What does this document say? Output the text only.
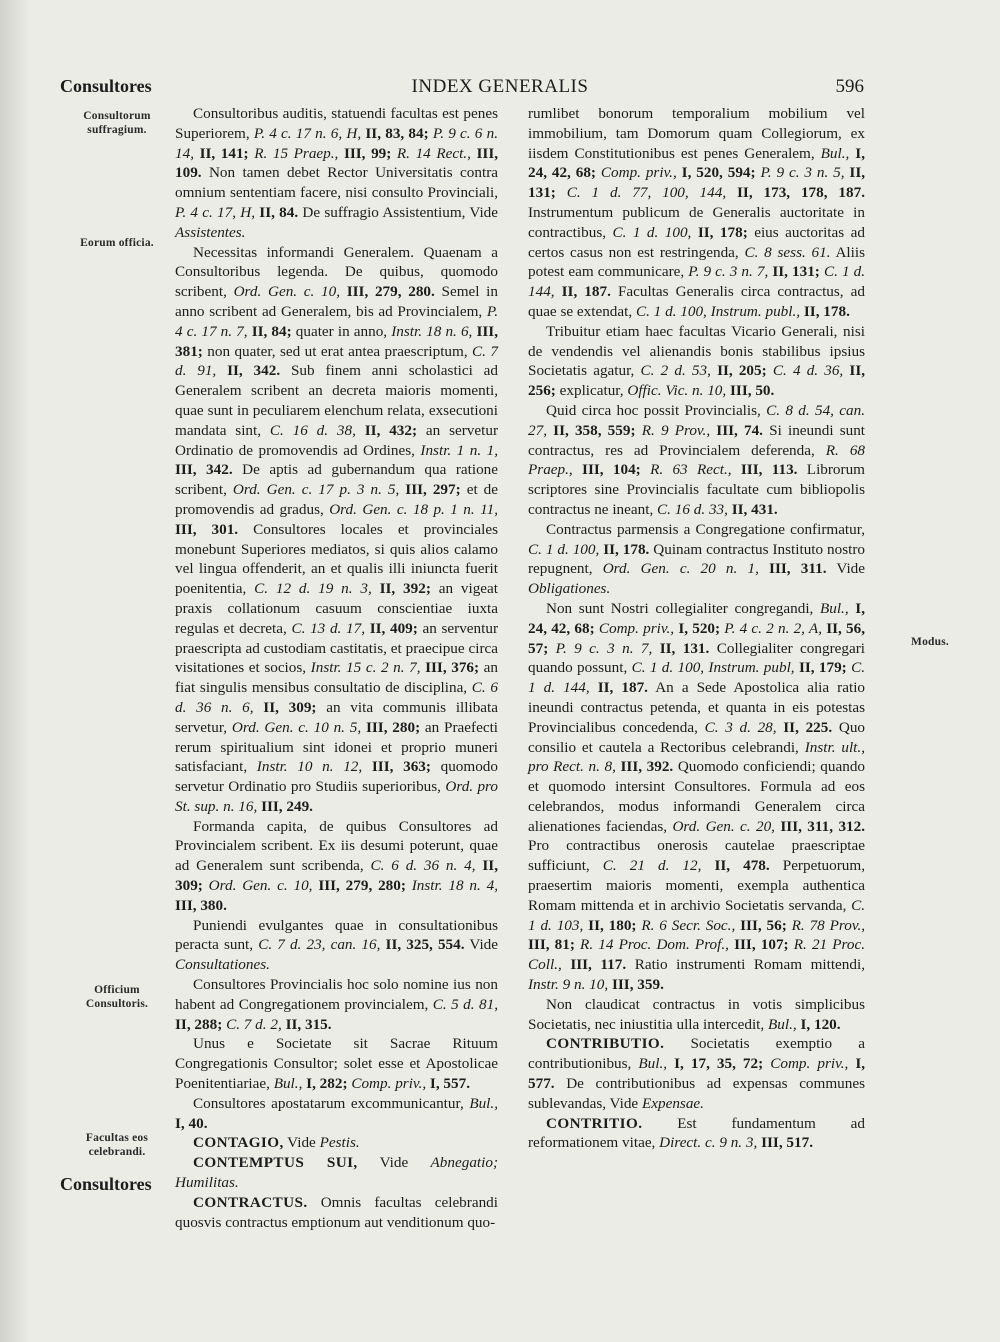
Consultores	INDEX GENERALIS	596
Consultorum suffragium.
Eorum officia.
Officium Consultoris.
Facultas eos celebrandi.
Modus.

Consultoribus auditis, statuendi facultas est penes Superiorem, P. 4 c. 17 n. 6, H, II, 83, 84; P. 9 c. 6 n. 14, II, 141; R. 15 Praep., III, 99; R. 14 Rect., III, 109. Non tamen debet Rector Universitatis contra omnium sententiam facere, nisi consulto Provinciali, P. 4 c. 17, H, II, 84. De suffragio Assistentium, Vide Assistentes.

Necessitas informandi Generalem. Quaenam a Consultoribus legenda. De quibus, quomodo scribent, Ord. Gen. c. 10, III, 279, 280. Semel in anno scribent ad Generalem, bis ad Provincialem, P. 4 c. 17 n. 7, II, 84; quater in anno, Instr. 18 n. 6, III, 381; non quater, sed ut erat antea praescriptum, C. 7 d. 91, II, 342. Sub finem anni scholastici ad Generalem scribent an decreta maioris momenti, quae sunt in peculiarem elenchum relata, exsecutioni mandata sint, C. 16 d. 38, II, 432; an servetur Ordinatio de promovendis ad Ordines, Instr. 1 n. 1, III, 342. De aptis ad gubernandum qua ratione scribent, Ord. Gen. c. 17 p. 3 n. 5, III, 297; et de promovendis ad gradus, Ord. Gen. c. 18 p. 1 n. 11, III, 301. Consultores locales et provinciales monebunt Superiores mediatos, si quis alios calamo vel lingua offenderit, an et qualis illi iniuncta fuerit poenitentia, C. 12 d. 19 n. 3, II, 392; an vigeat praxis collationum casuum conscientiae iuxta regulas et decreta, C. 13 d. 17, II, 409; an serventur praescripta ad custodiam castitatis, et praecipue circa visitationes et socios, Instr. 15 c. 2 n. 7, III, 376; an fiat singulis mensibus consultatio de disciplina, C. 6 d. 36 n. 6, II, 309; an vita communis illibata servetur, Ord. Gen. c. 10 n. 5, III, 280; an Praefecti rerum spiritualium sint idonei et proprio muneri satisfaciant, Instr. 10 n. 12, III, 363; quomodo servetur Ordinatio pro Studiis superioribus, Ord. pro St. sup. n. 16, III, 249.

Formanda capita, de quibus Consultores ad Provincialem scribent. Ex iis desumi poterunt, quae ad Generalem sunt scribenda, C. 6 d. 36 n. 4, II, 309; Ord. Gen. c. 10, III, 279, 280; Instr. 18 n. 4, III, 380.

Puniendi evulgantes quae in consultationibus peracta sunt, C. 7 d. 23, can. 16, II, 325, 554. Vide Consultationes.

Consultores Provincialis hoc solo nomine ius non habent ad Congregationem provincialem, C. 5 d. 81, II, 288; C. 7 d. 2, II, 315.

Unus e Societate sit Sacrae Rituum Congregationis Consultor; solet esse et Apostolicae Poenitentiariae, Bul., I, 282; Comp. priv., I, 557.

Consultores apostatarum excommunicantur, Bul., I, 40.

CONTAGIO, Vide Pestis.

CONTEMPTUS SUI, Vide Abnegatio; Humilitas.

CONTRACTUS. Omnis facultas celebrandi quosvis contractus emptionum aut venditionum quo-

rumlibet bonorum temporalium mobilium vel immobilium, tam Domorum quam Collegiorum, ex iisdem Constitutionibus est penes Generalem, Bul., I, 24, 42, 68; Comp. priv., I, 520, 594; P. 9 c. 3 n. 5, II, 131; C. 1 d. 77, 100, 144, II, 173, 178, 187. Instrumentum publicum de Generalis auctoritate in contractibus, C. 1 d. 100, II, 178; eius auctoritas ad certos casus non est restringenda, C. 8 sess. 61. Aliis potest eam communicare, P. 9 c. 3 n. 7, II, 131; C. 1 d. 144, II, 187. Facultas Generalis circa contractus, ad quae se extendat, C. 1 d. 100, Instrum. publ., II, 178.

Tribuitur etiam haec facultas Vicario Generali, nisi de vendendis vel alienandis bonis stabilibus ipsius Societatis agatur, C. 2 d. 53, II, 205; C. 4 d. 36, II, 256; explicatur, Offic. Vic. n. 10, III, 50.

Quid circa hoc possit Provincialis, C. 8 d. 54, can. 27, II, 358, 559; R. 9 Prov., III, 74. Si ineundi sunt contractus, res ad Provincialem deferenda, R. 68 Praep., III, 104; R. 63 Rect., III, 113. Librorum scriptores sine Provincialis facultate cum bibliopolis contractus ne ineant, C. 16 d. 33, II, 431.

Contractus parmensis a Congregatione confirmatur, C. 1 d. 100, II, 178. Quinam contractus Instituto nostro repugnent, Ord. Gen. c. 20 n. 1, III, 311. Vide Obligationes.

Non sunt Nostri collegialiter congregandi, Bul., I, 24, 42, 68; Comp. priv., I, 520; P. 4 c. 2 n. 2, A, II, 56, 57; P. 9 c. 3 n. 7, II, 131. Collegialiter congregari quando possunt, C. 1 d. 100, Instrum. publ, II, 179; C. 1 d. 144, II, 187. An a Sede Apostolica alia ratio ineundi contractus petenda, et quanta in eis potestas Provincialibus concedenda, C. 3 d. 28, II, 225. Quo consilio et cautela a Rectoribus celebrandi, Instr. ult., pro Rect. n. 8, III, 392. Quomodo conficiendi; quando et quomodo intersint Consultores. Formula ad eos celebrandos, modus informandi Generalem circa alienationes faciendas, Ord. Gen. c. 20, III, 311, 312. Pro contractibus onerosis cautelae praescriptae sufficiunt, C. 21 d. 12, II, 478. Perpetuorum, praesertim maioris momenti, exempla authentica Romam mittenda et in archivio Societatis servanda, C. 1 d. 103, II, 180; R. 6 Secr. Soc., III, 56; R. 78 Prov., III, 81; R. 14 Proc. Dom. Prof., III, 107; R. 21 Proc. Coll., III, 117. Ratio instrumenti Romam mittendi, Instr. 9 n. 10, III, 359.

Non claudicat contractus in votis simplicibus Societatis, nec iniustitia ulla intercedit, Bul., I, 120.

CONTRIBUTIO. Societatis exemptio a contributionibus, Bul., I, 17, 35, 72; Comp. priv., I, 577. De contributionibus ad expensas communes sublevandas, Vide Expensae.

CONTRITIO. Est fundamentum ad reformationem vitae, Direct. c. 9 n. 3, III, 517.

Consultores
